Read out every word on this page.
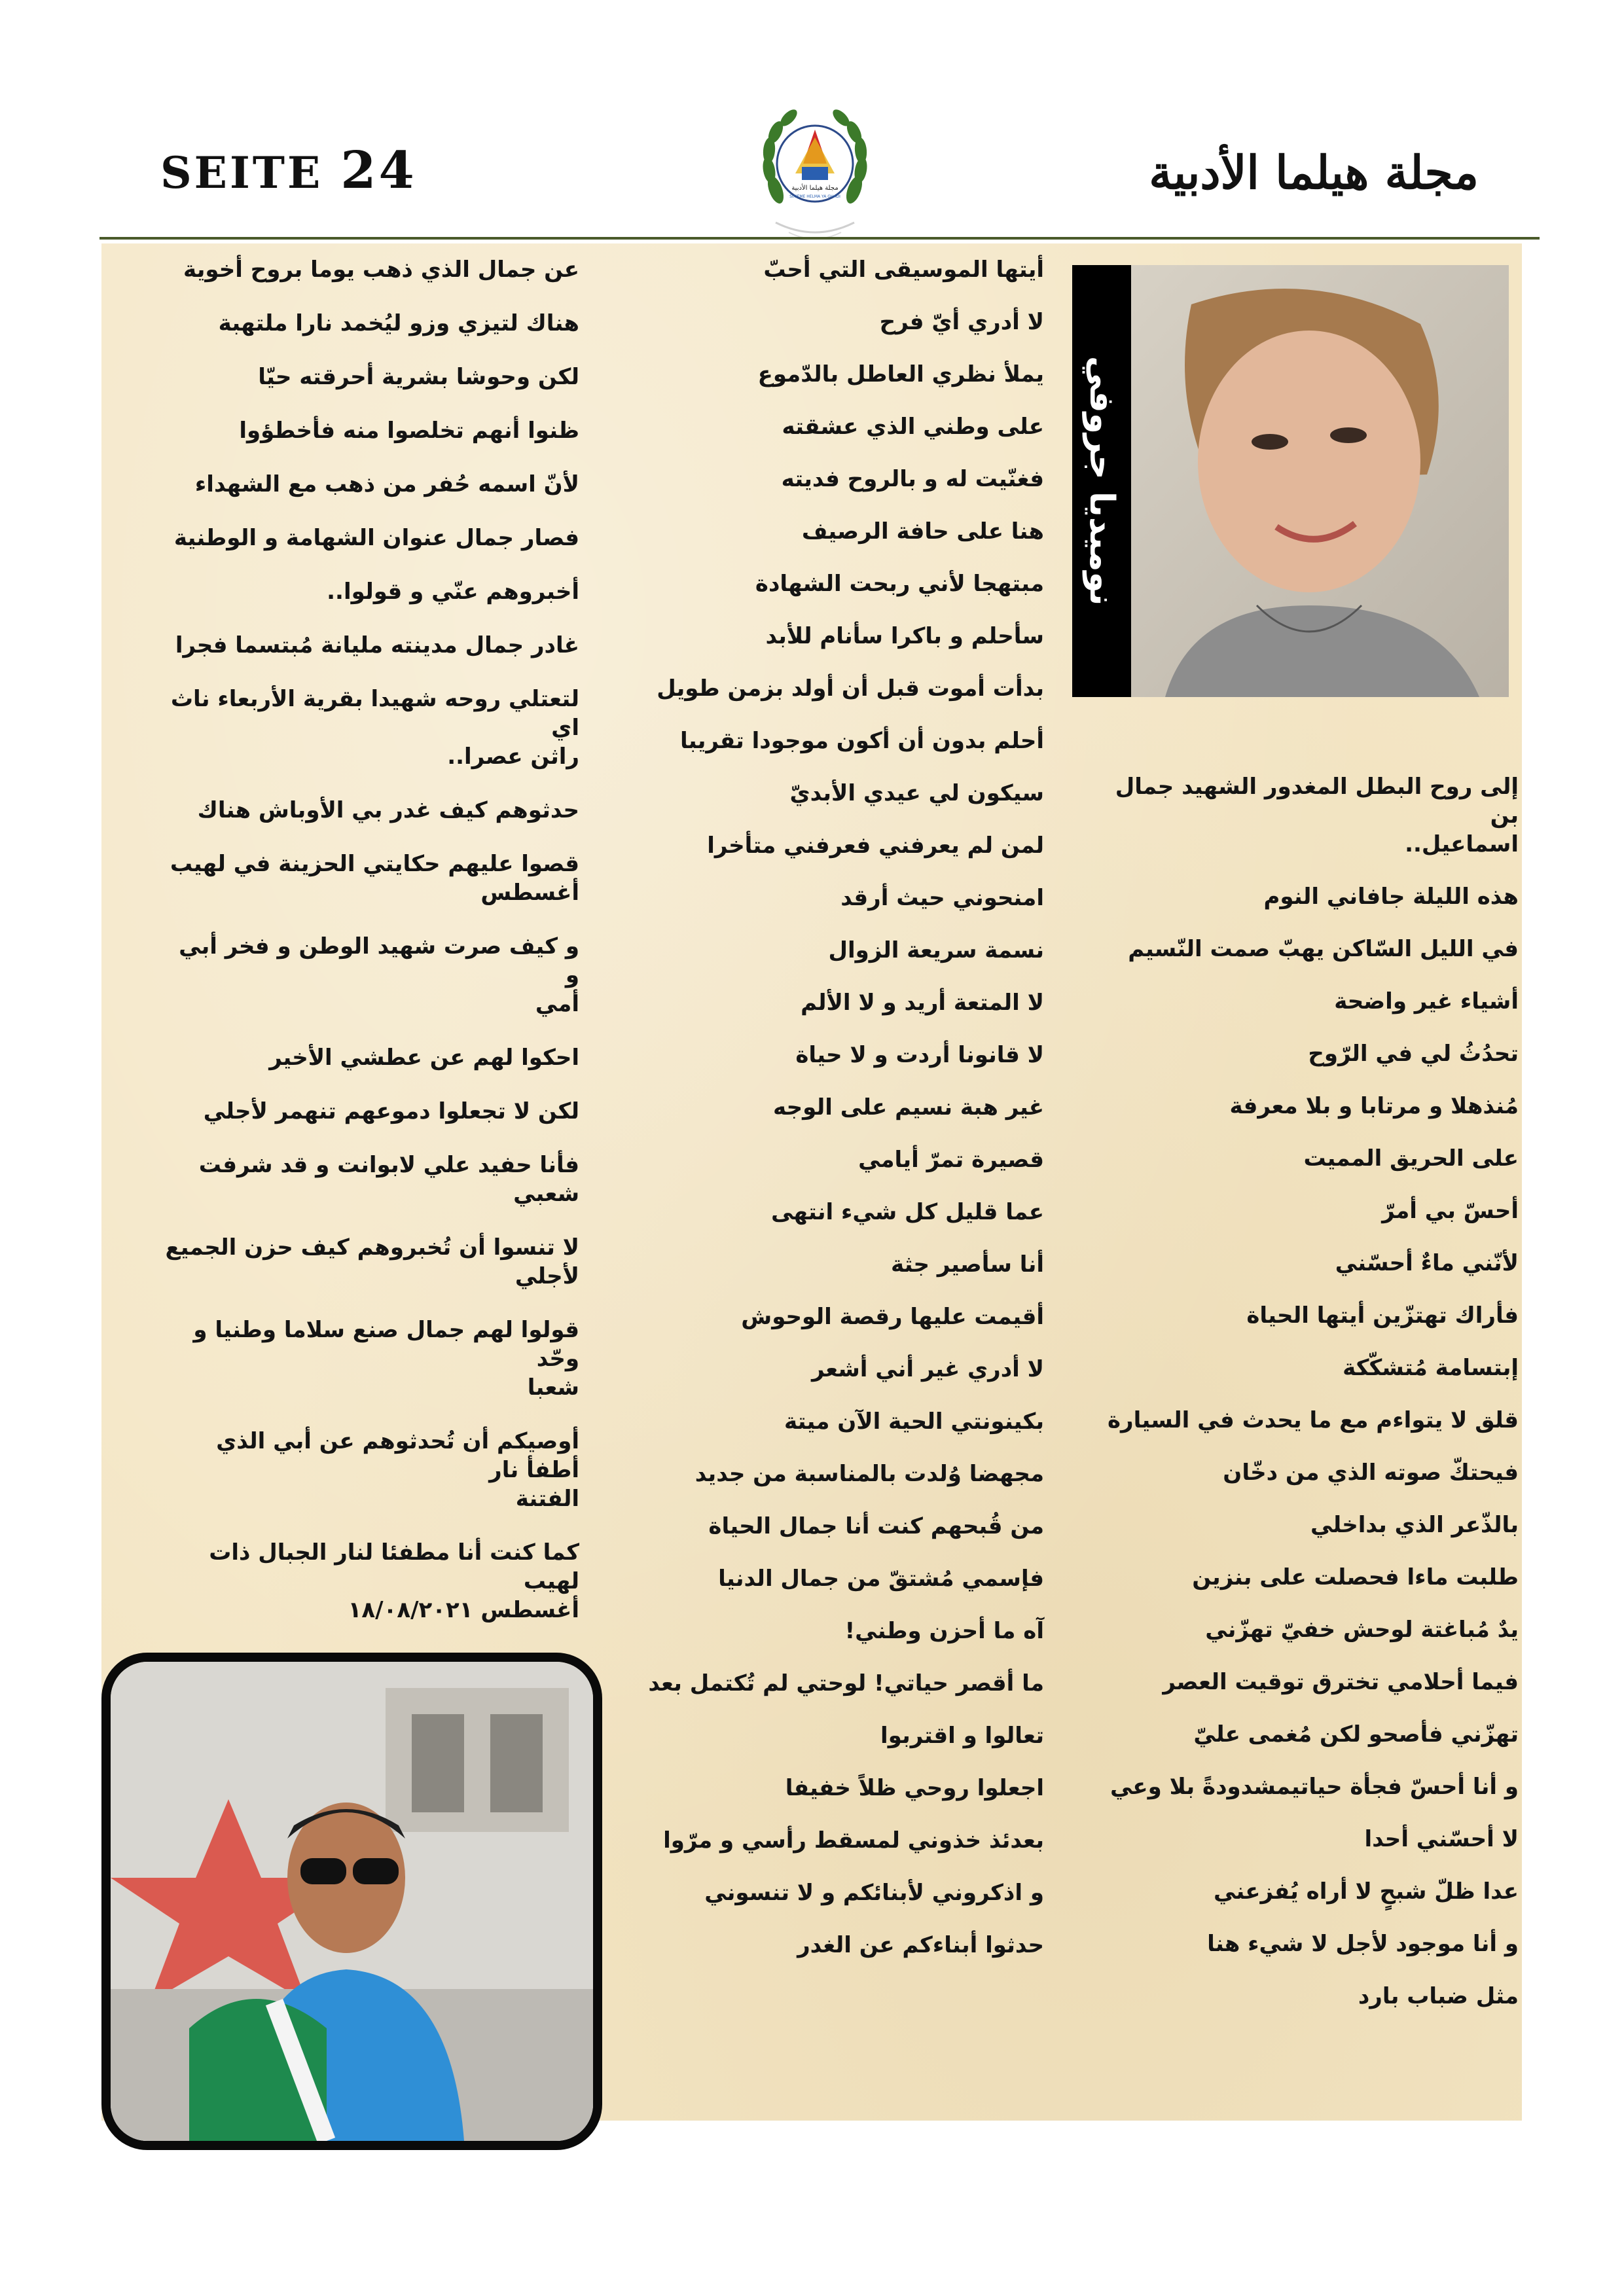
SEITE 24	مجلة هيلما الأدبية
SIXIEME HELMA YA GHADI	مجلة هيلما الأدبية
نوميديا جروفي

إلى روح البطل المغدور الشهيد جمال بن

اسماعيل..

هذه الليلة جافاني النوم

في الليل السّاكن يهبّ صمت النّسيم

أشياء غير واضحة

تحدُثُ لي في الرّوح

مُنذهلا و مرتابا و بلا معرفة

على الحريق المميت

أحسّ بي أمرّ

لأنّني ماءٌ أحسّني

فأراك تهتزّين أيتها الحياة

إبتسامة مُتشكّكة

قلق لا يتواءم مع ما يحدث في السيارة

فيحتكّ صوته الذي من دخّان

بالذّعر الذي بداخلي

طلبت ماءا فحصلت على بنزين

يدٌ مُباغتة لوحش خفيّ تهزّني

فيما أحلامي تخترق توقيت العصر

تهزّني فأصحو لكن مُغمى عليّ

و أنا أحسّ فجأة حياتيمشدودةً بلا وعي

لا أحسّني أحدا

عدا ظلّ شبحٍ لا أراه يُفزعني

و أنا موجود لأجل لا شيء هنا

مثل ضباب بارد

أيتها الموسيقى التي أحبّ

لا أدري أيّ فرح

يملأ نظري العاطل بالدّموع

على وطني الذي عشقته

فغنّيت له و بالروح فديته

هنا على حافة الرصيف

مبتهجا لأني ربحت الشهادة

سأحلم و باكرا سأنام للأبد

بدأت أموت قبل أن أولد بزمن طويل

أحلم بدون أن أكون موجودا تقريبا

سيكون لي عيدي الأبديّ

لمن لم يعرفني فعرفني متأخرا

امنحوني حيث أرقد

نسمة سريعة الزوال

لا المتعة أريد و لا الألم

لا قانونا أردت و لا حياة

غير هبة نسيم على الوجه

قصيرة تمرّ أيامي

عما قليل كل شيء انتهى

أنا سأصير جثة

أقيمت عليها رقصة الوحوش

لا أدري غير أني أشعر

بكينونتي الحية الآن ميتة

مجهضا وُلدت بالمناسبة من جديد

من قُبحهم كنت أنا جمال الحياة

فإسمي مُشتقّ من جمال الدنيا

آه ما أحزن وطني!

ما أقصر حياتي! لوحتي لم تُكتمل بعد

تعالوا و اقتربوا

اجعلوا روحي ظلاً خفيفا

بعدئذ خذوني لمسقط رأسي و مرّوا

و اذكروني لأبنائكم و لا تنسوني

حدثوا أبناءكم عن الغدر

عن جمال الذي ذهب يوما بروح أخوية

هناك لتيزي وزو ليُخمد نارا ملتهبة

لكن وحوشا بشرية أحرقته حيّا

ظنوا أنهم تخلصوا منه فأخطؤوا

لأنّ اسمه حُفر من ذهب مع الشهداء

فصار جمال عنوان الشهامة و الوطنية

أخبروهم عنّي و قولوا..

غادر جمال مدينته مليانة مُبتسما فجرا

لتعتلي روحه شهيدا بقرية الأربعاء ناث اي

راثن عصرا..

حدثوهم كيف غدر بي الأوباش هناك

قصوا عليهم حكايتي الحزينة في لهيب

أغسطس

و كيف صرت شهيد الوطن و فخر أبي و

أمي

احكوا لهم عن عطشي الأخير

لكن لا تجعلوا دموعهم تنهمر لأجلي

فأنا حفيد علي لابوانت و قد شرفت شعبي

لا تنسوا أن تُخبروهم كيف حزن الجميع

لأجلي

قولوا لهم جمال صنع سلاما وطنيا و وحّد

شعبا

أوصيكم أن تُحدثوهم عن أبي الذي أطفأ نار

الفتنة

كما كنت أنا مطفئا لنار الجبال ذات لهيب

أغسطس ١٨/٠٨/٢٠٢١
